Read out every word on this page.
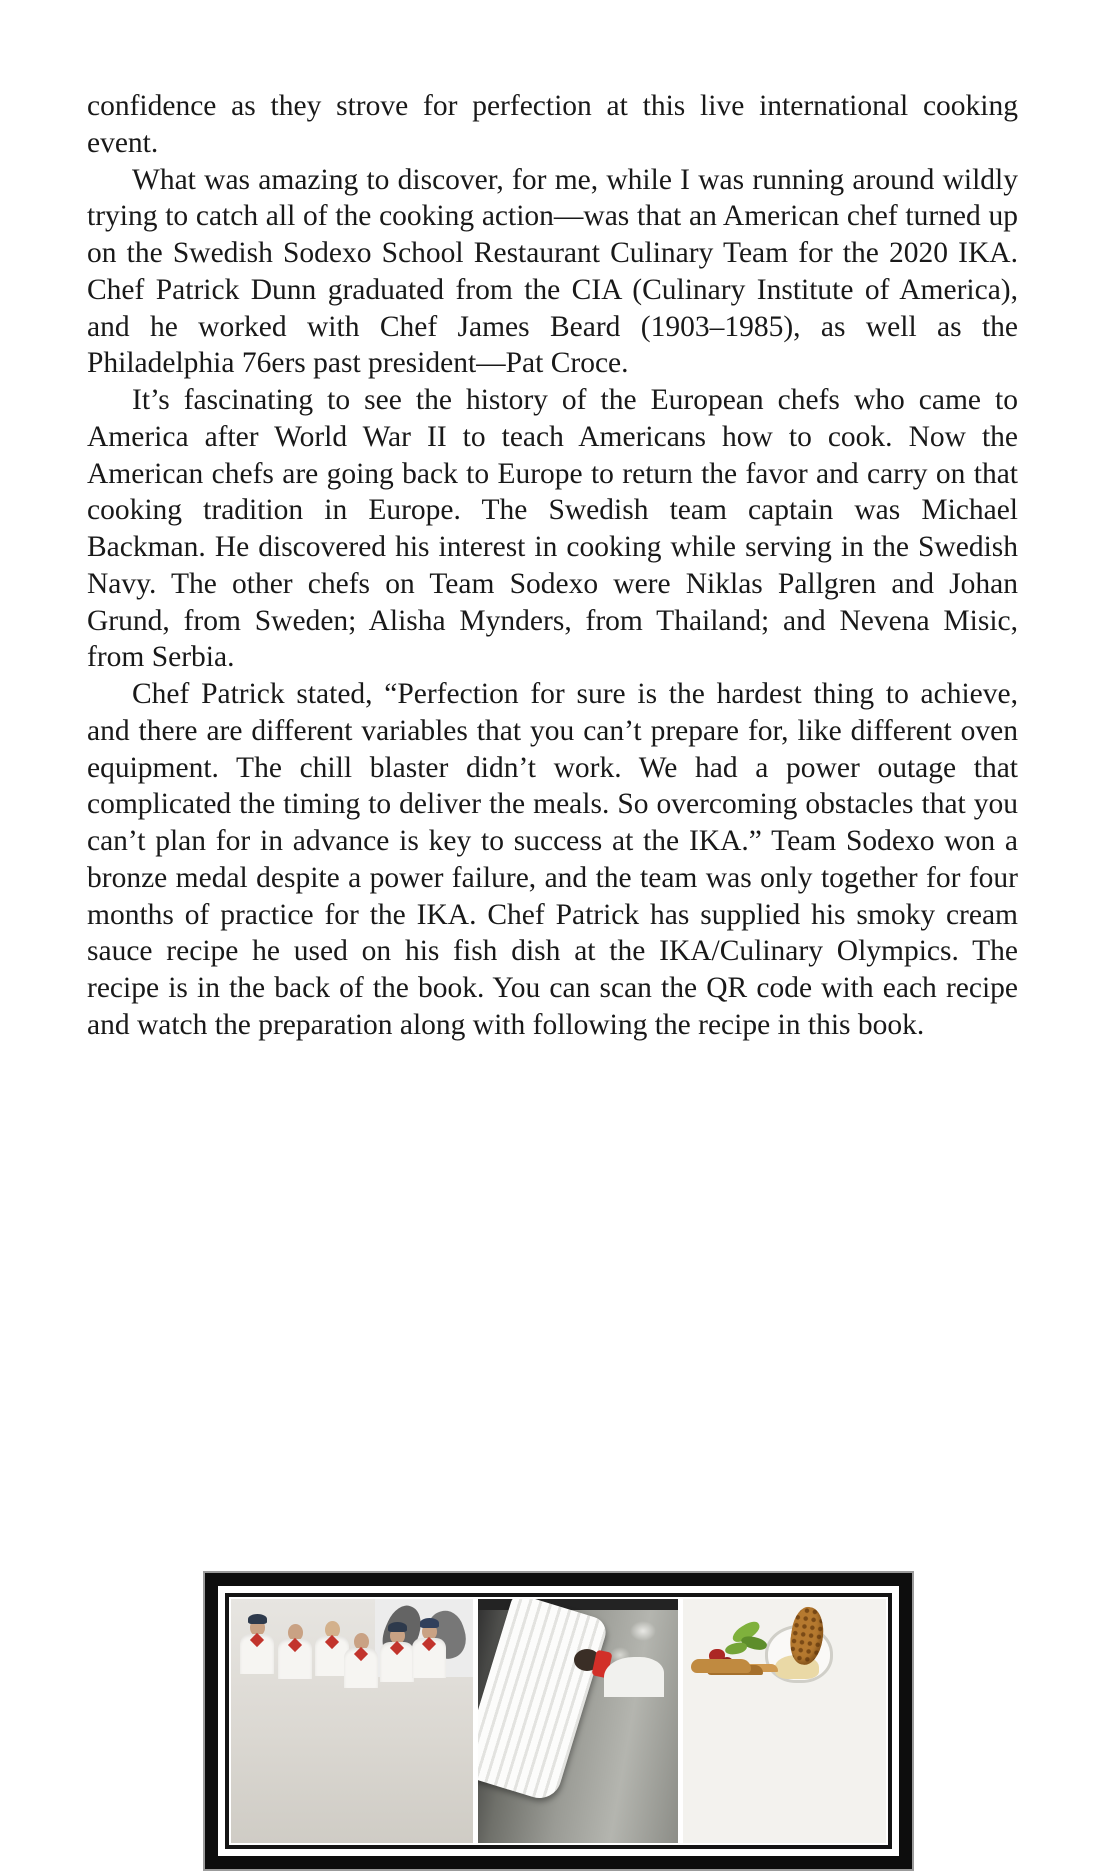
confidence as they strove for perfection at this live international cooking event.

What was amazing to discover, for me, while I was running around wildly trying to catch all of the cooking action—was that an American chef turned up on the Swedish Sodexo School Restaurant Culinary Team for the 2020 IKA. Chef Patrick Dunn graduated from the CIA (Culinary Institute of America), and he worked with Chef James Beard (1903–1985), as well as the Philadelphia 76ers past president—Pat Croce.

It’s fascinating to see the history of the European chefs who came to America after World War II to teach Americans how to cook. Now the American chefs are going back to Europe to return the favor and carry on that cooking tradition in Europe. The Swedish team captain was Michael Backman. He discovered his interest in cooking while serving in the Swedish Navy. The other chefs on Team Sodexo were Niklas Pallgren and Johan Grund, from Sweden; Alisha Mynders, from Thailand; and Nevena Misic, from Serbia.

Chef Patrick stated, “Perfection for sure is the hardest thing to achieve, and there are different variables that you can’t prepare for, like different oven equipment. The chill blaster didn’t work. We had a power outage that complicated the timing to deliver the meals. So overcoming obstacles that you can’t plan for in advance is key to success at the IKA.” Team Sodexo won a bronze medal despite a power failure, and the team was only together for four months of practice for the IKA. Chef Patrick has supplied his smoky cream sauce recipe he used on his fish dish at the IKA/Culinary Olympics. The recipe is in the back of the book. You can scan the QR code with each recipe and watch the preparation along with following the recipe in this book.
